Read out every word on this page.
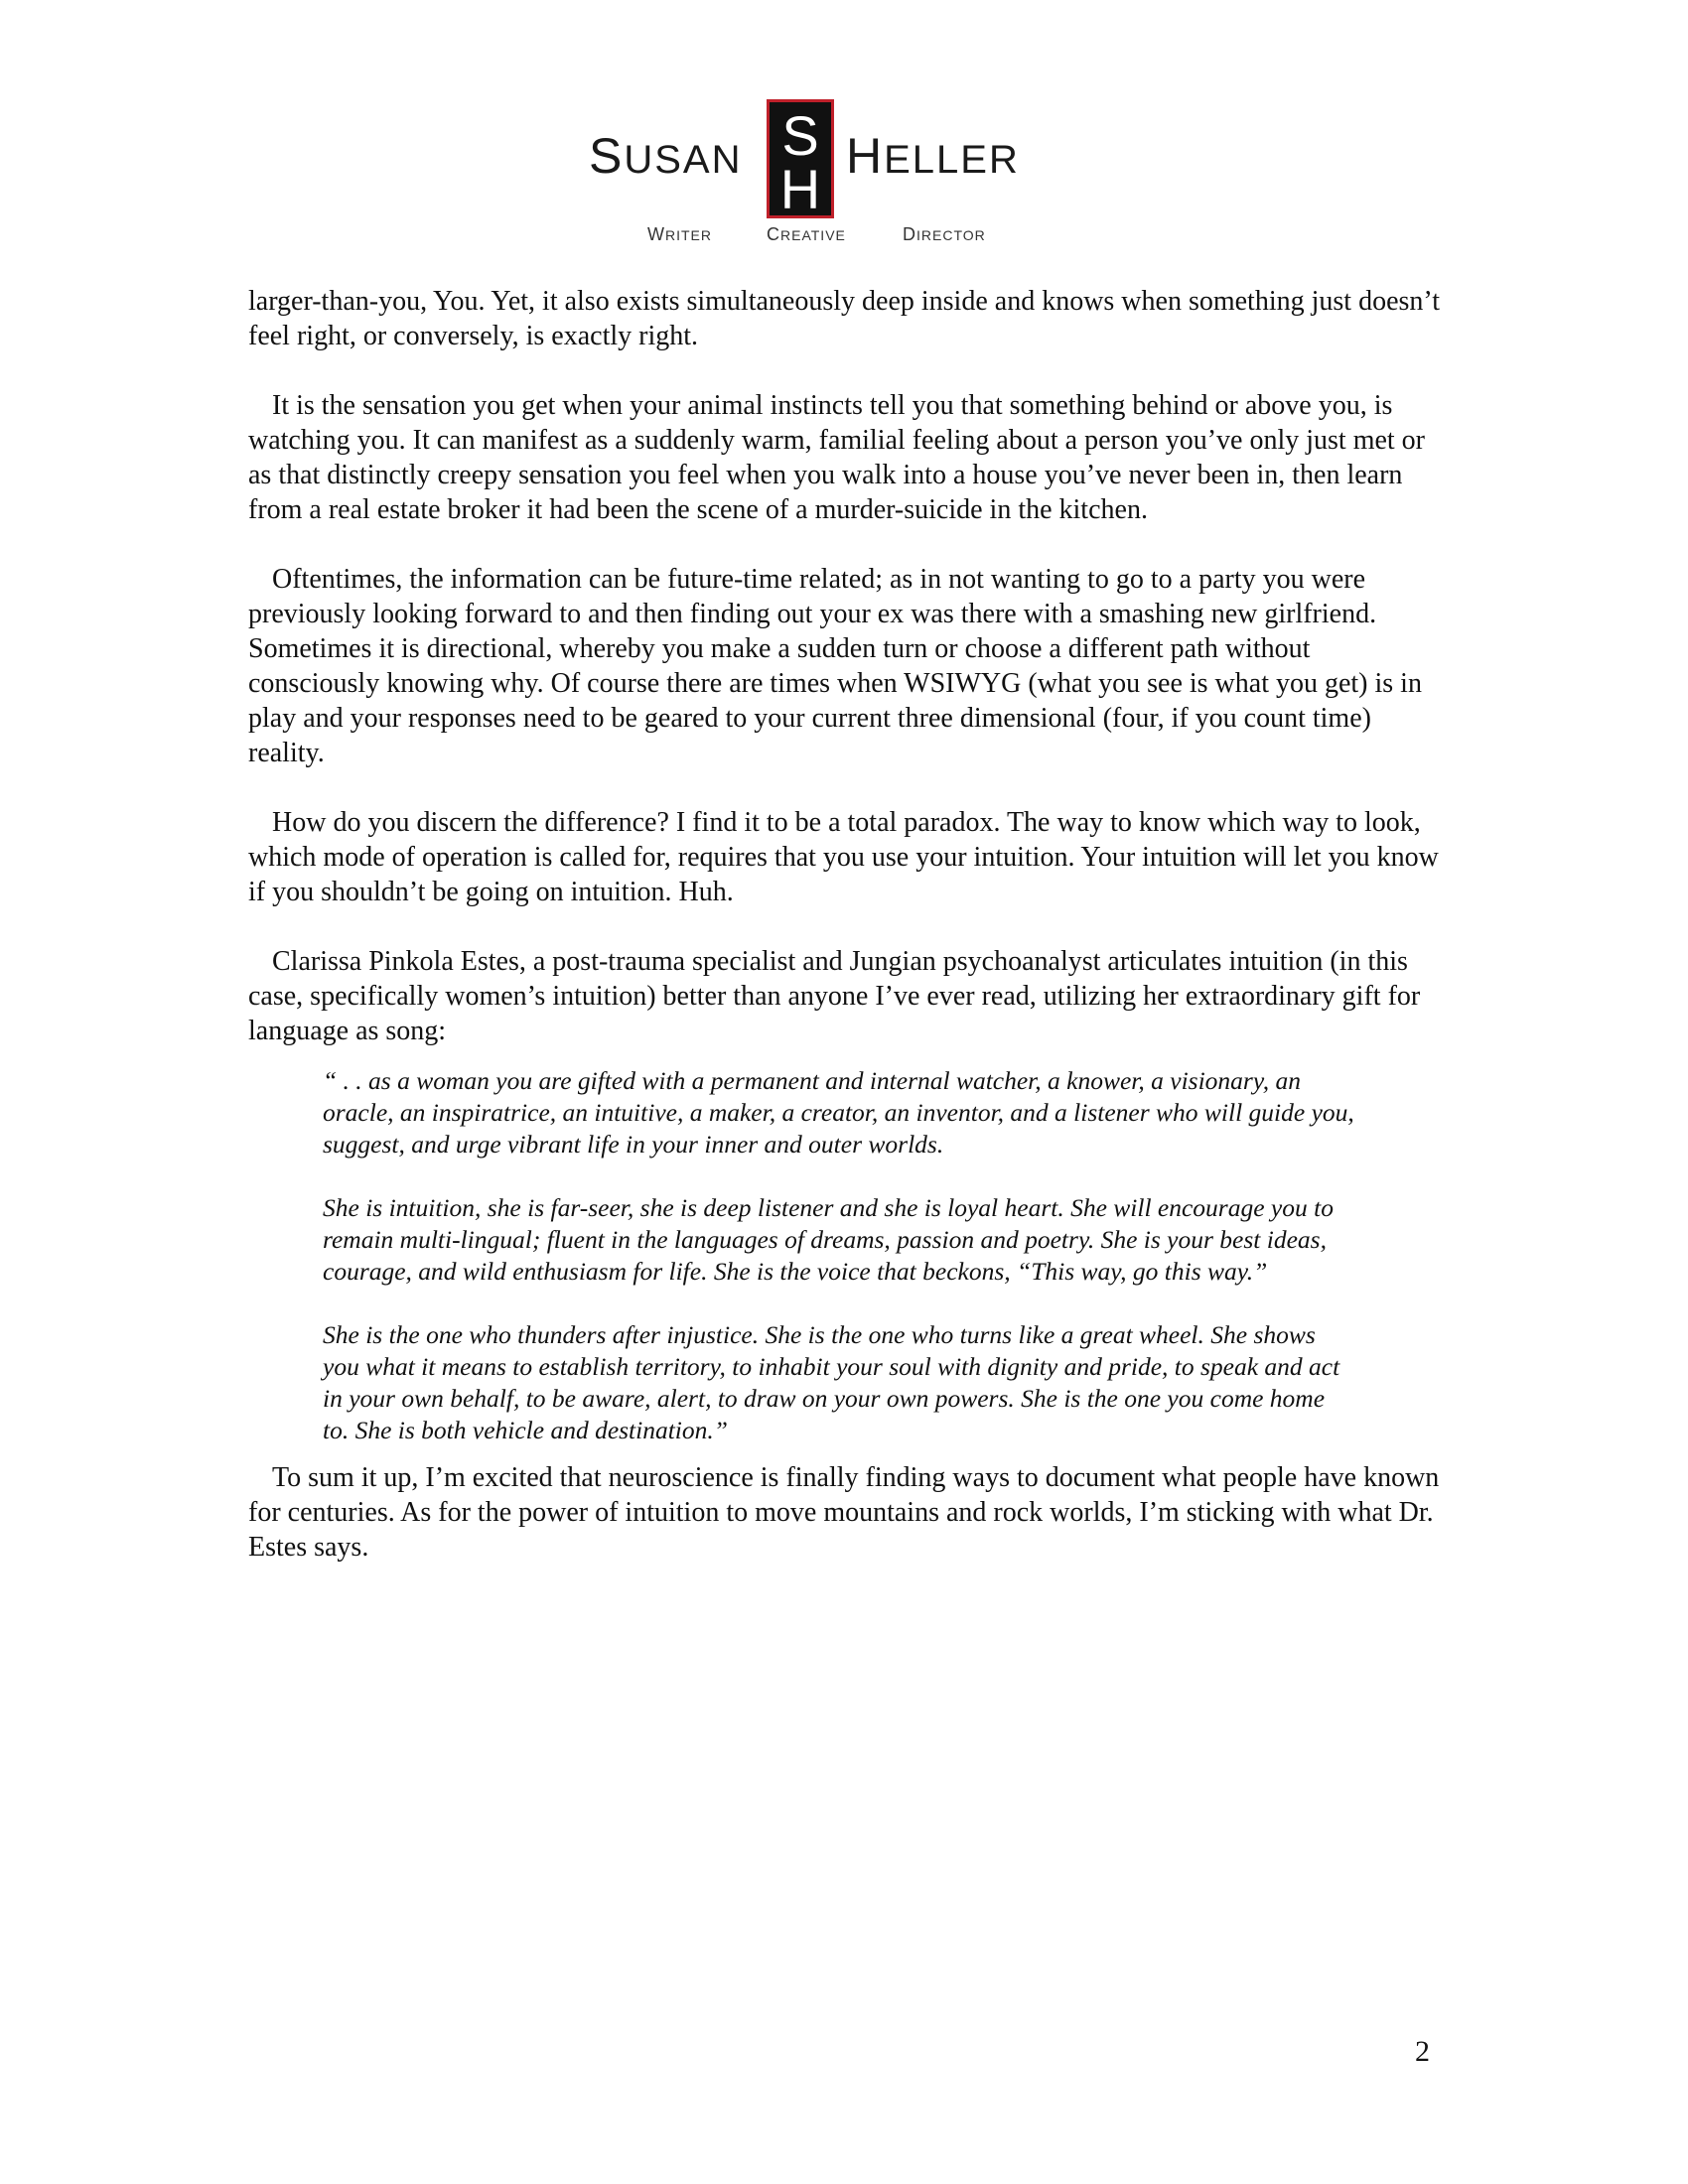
SUSAN S
H
HELLER
WRITER	CREATIVE	DIRECTOR

larger-than-you, You. Yet, it also exists simultaneously deep inside and knows when something just doesn’t feel right, or conversely, is exactly right.

It is the sensation you get when your animal instincts tell you that something behind or above you, is watching you. It can manifest as a suddenly warm, familial feeling about a person you’ve only just met or as that distinctly creepy sensation you feel when you walk into a house you’ve never been in, then learn from a real estate broker it had been the scene of a murder-suicide in the kitchen.

Oftentimes, the information can be future-time related; as in not wanting to go to a party you were previously looking forward to and then finding out your ex was there with a smashing new girlfriend. Sometimes it is directional, whereby you make a sudden turn or choose a different path without consciously knowing why. Of course there are times when WSIWYG (what you see is what you get) is in play and your responses need to be geared to your current three dimensional (four, if you count time) reality.

How do you discern the difference? I find it to be a total paradox. The way to know which way to look, which mode of operation is called for, requires that you use your intuition. Your intuition will let you know if you shouldn’t be going on intuition. Huh.

Clarissa Pinkola Estes, a post-trauma specialist and Jungian psychoanalyst articulates intuition (in this case, specifically women’s intuition) better than anyone I’ve ever read, utilizing her extraordinary gift for language as song:

“ . . as a woman you are gifted with a permanent and internal watcher, a knower, a visionary, an oracle, an inspiratrice, an intuitive, a maker, a creator, an inventor, and a listener who will guide you, suggest, and urge vibrant life in your inner and outer worlds.

She is intuition, she is far-seer, she is deep listener and she is loyal heart. She will encourage you to remain multi-lingual; fluent in the languages of dreams, passion and poetry. She is your best ideas, courage, and wild enthusiasm for life. She is the voice that beckons, “This way, go this way.”

She is the one who thunders after injustice. She is the one who turns like a great wheel. She shows you what it means to establish territory, to inhabit your soul with dignity and pride, to speak and act in your own behalf, to be aware, alert, to draw on your own powers. She is the one you come home to. She is both vehicle and destination.”

To sum it up, I’m excited that neuroscience is finally finding ways to document what people have known for centuries. As for the power of intuition to move mountains and rock worlds, I’m sticking with what Dr. Estes says.

2
